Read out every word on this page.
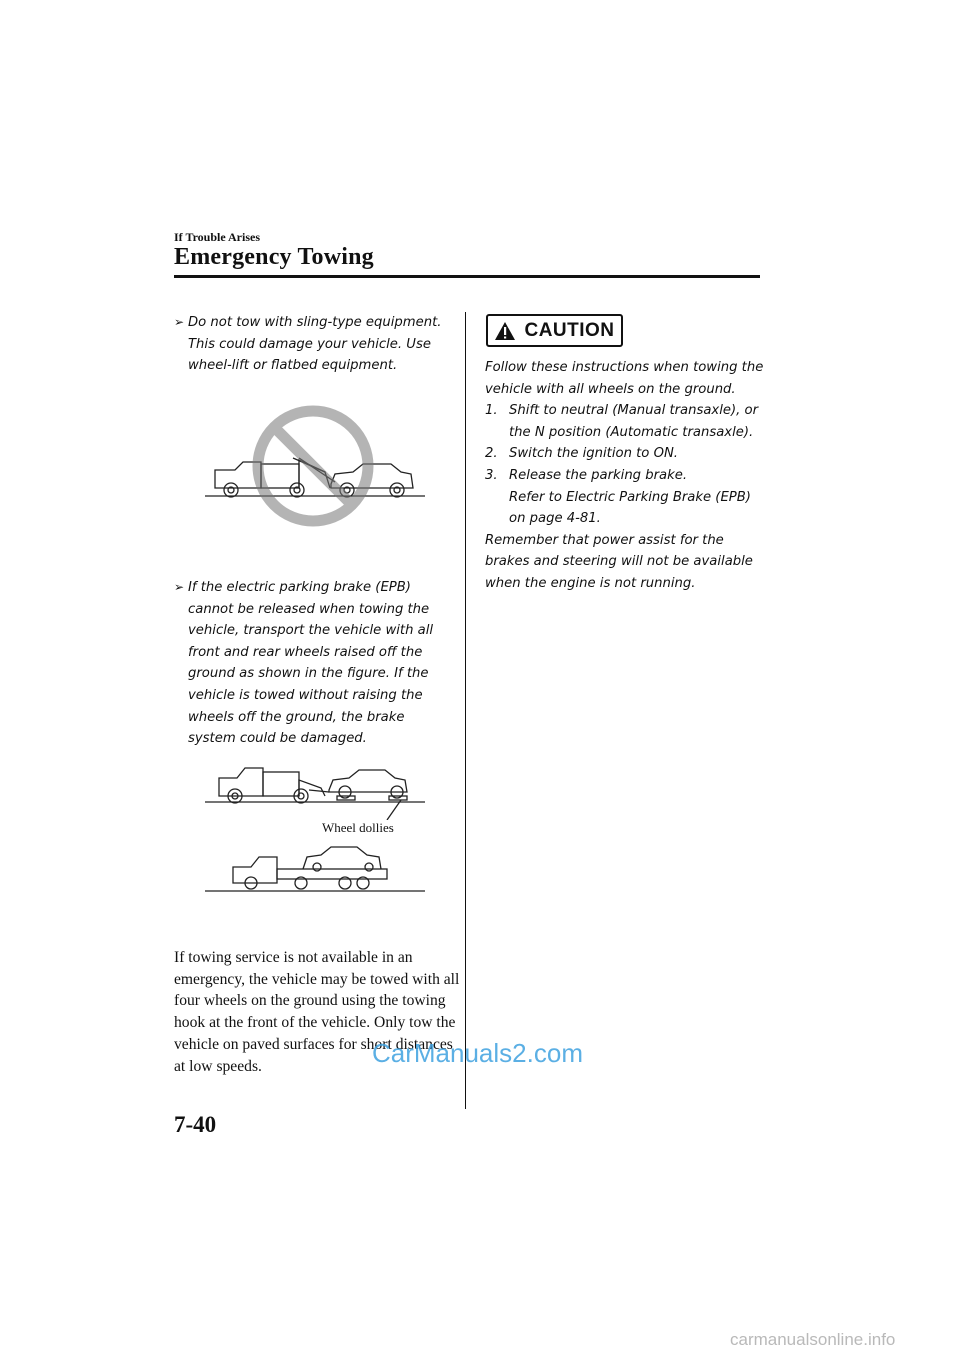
If Trouble Arises
Emergency Towing
➢ Do not tow with sling-type equipment. This could damage your vehicle. Use wheel-lift or flatbed equipment.
➢ If the electric parking brake (EPB) cannot be released when towing the vehicle, transport the vehicle with all front and rear wheels raised off the ground as shown in the figure. If the vehicle is towed without raising the wheels off the ground, the brake system could be damaged.
Wheel dollies
If towing service is not available in an emergency, the vehicle may be towed with all four wheels on the ground using the towing hook at the front of the vehicle. Only tow the vehicle on paved surfaces for short distances at low speeds.
CAUTION
Follow these instructions when towing the vehicle with all wheels on the ground.
1. Shift to neutral (Manual transaxle), or the N position (Automatic transaxle).
2. Switch the ignition to ON.
3. Release the parking brake.
Refer to Electric Parking Brake (EPB) on page 4-81.
Remember that power assist for the brakes and steering will not be available when the engine is not running.
7-40
CarManuals2.com
carmanualsonline.info
